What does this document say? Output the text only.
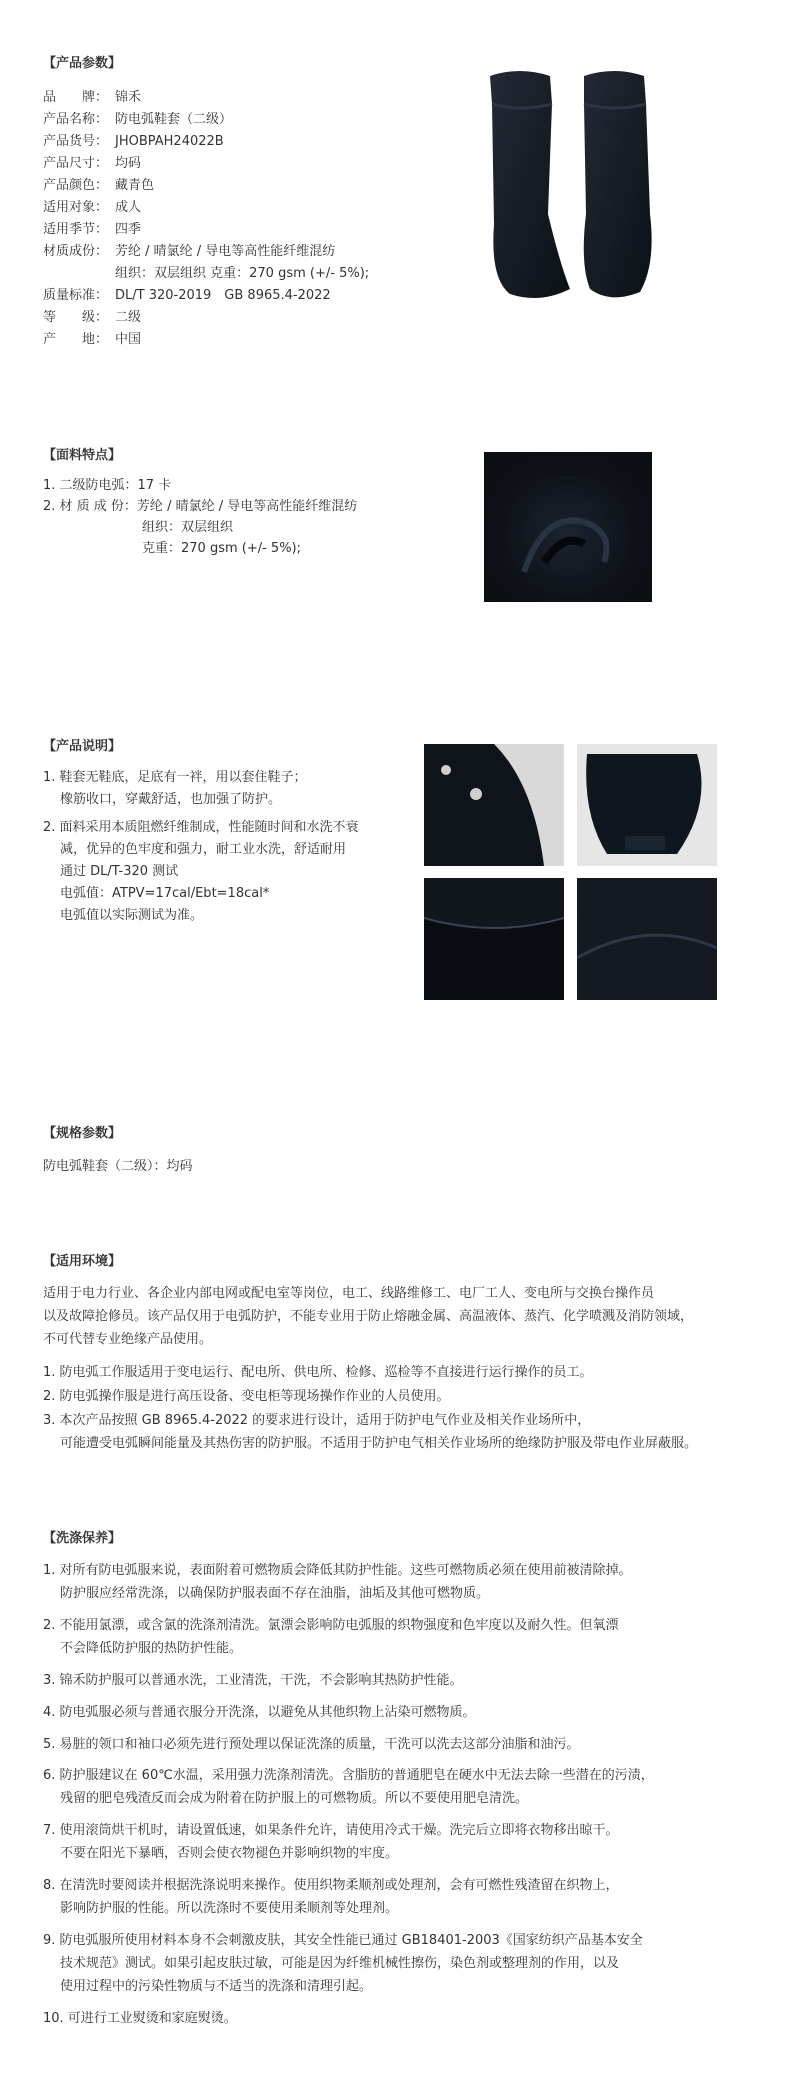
【产品参数】
品　　牌： 锦禾
产品名称： 防电弧鞋套（二级）
产品货号： JHOBPAH24022B
产品尺寸： 均码
产品颜色： 藏青色
适用对象： 成人
适用季节： 四季
材质成份： 芳纶 / 晴氯纶 / 导电等高性能纤维混纺
组织：双层组织 克重：270 gsm (+/- 5%);
质量标准： DL/T 320-2019　GB 8965.4-2022
等　　级： 二级
产　　地： 中国
【面料特点】
1. 二级防电弧：17 卡
2. 材 质 成 份：芳纶 / 晴氯纶 / 导电等高性能纤维混纺
组织：双层组织
克重：270 gsm (+/- 5%);
【产品说明】
1. 鞋套无鞋底，足底有一袢，用以套住鞋子；
橡筋收口，穿戴舒适，也加强了防护。
2. 面料采用本质阻燃纤维制成，性能随时间和水洗不衰
减，优异的色牢度和强力，耐工业水洗，舒适耐用
通过 DL/T-320 测试
电弧值：ATPV=17cal/Ebt=18cal*
电弧值以实际测试为准。
【规格参数】
防电弧鞋套（二级）：均码
【适用环境】
适用于电力行业、各企业内部电网或配电室等岗位，电工、线路维修工、电厂工人、变电所与交换台操作员
以及故障抢修员。该产品仅用于电弧防护，不能专业用于防止熔融金属、高温液体、蒸汽、化学喷溅及消防领域，
不可代替专业绝缘产品使用。
1. 防电弧工作服适用于变电运行、配电所、供电所、检修、巡检等不直接进行运行操作的员工。
2. 防电弧操作服是进行高压设备、变电柜等现场操作作业的人员使用。
3. 本次产品按照 GB 8965.4-2022 的要求进行设计，适用于防护电气作业及相关作业场所中，
可能遭受电弧瞬间能量及其热伤害的防护服。不适用于防护电气相关作业场所的绝缘防护服及带电作业屏蔽服。
【洗涤保养】
1. 对所有防电弧服来说，表面附着可燃物质会降低其防护性能。这些可燃物质必须在使用前被清除掉。
防护服应经常洗涤，以确保防护服表面不存在油脂，油垢及其他可燃物质。
2. 不能用氯漂，或含氯的洗涤剂清洗。氯漂会影响防电弧服的织物强度和色牢度以及耐久性。但氧漂
不会降低防护服的热防护性能。
3. 锦禾防护服可以普通水洗，工业清洗，干洗，不会影响其热防护性能。
4. 防电弧服必须与普通衣服分开洗涤，以避免从其他织物上沾染可燃物质。
5. 易脏的领口和袖口必须先进行预处理以保证洗涤的质量，干洗可以洗去这部分油脂和油污。
6. 防护服建议在 60℃水温，采用强力洗涤剂清洗。含脂肪的普通肥皂在硬水中无法去除一些潜在的污渍，
残留的肥皂残渣反而会成为附着在防护服上的可燃物质。所以不要使用肥皂清洗。
7. 使用滚筒烘干机时，请设置低速，如果条件允许，请使用冷式干燥。洗完后立即将衣物移出晾干。
不要在阳光下暴晒，否则会使衣物褪色并影响织物的牢度。
8. 在清洗时要阅读并根据洗涤说明来操作。使用织物柔顺剂或处理剂，会有可燃性残渣留在织物上，
影响防护服的性能。所以洗涤时不要使用柔顺剂等处理剂。
9. 防电弧服所使用材料本身不会刺激皮肤，其安全性能已通过 GB18401-2003《国家纺织产品基本安全
技术规范》测试。如果引起皮肤过敏，可能是因为纤维机械性擦伤，染色剂或整理剂的作用，以及
使用过程中的污染性物质与不适当的洗涤和清理引起。
10. 可进行工业熨烫和家庭熨烫。
